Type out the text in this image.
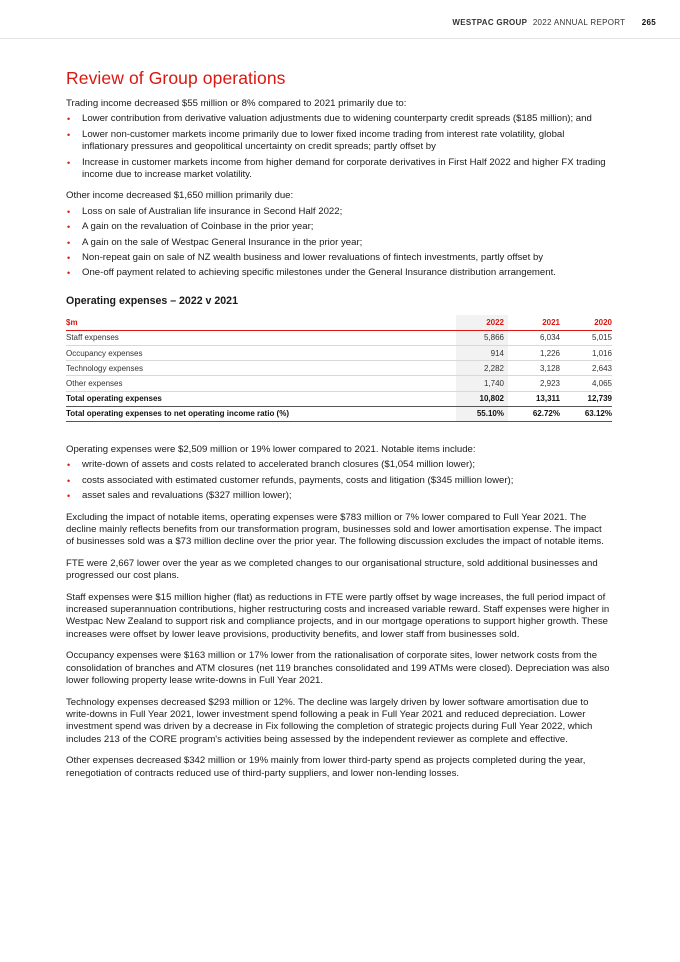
WESTPAC GROUP 2022 ANNUAL REPORT 265
Review of Group operations

Trading income decreased $55 million or 8% compared to 2021 primarily due to:

• Lower contribution from derivative valuation adjustments due to widening counterparty credit spreads ($185 million); and
• Lower non-customer markets income primarily due to lower fixed income trading from interest rate volatility, global inflationary pressures and geopolitical uncertainty on credit spreads; partly offset by
• Increase in customer markets income from higher demand for corporate derivatives in First Half 2022 and higher FX trading income due to increase market volatility.

Other income decreased $1,650 million primarily due:

• Loss on sale of Australian life insurance in Second Half 2022;
• A gain on the revaluation of Coinbase in the prior year;
• A gain on the sale of Westpac General Insurance in the prior year;
• Non-repeat gain on sale of NZ wealth business and lower revaluations of fintech investments, partly offset by
• One-off payment related to achieving specific milestones under the General Insurance distribution arrangement.
Operating expenses – 2022 v 2021
$m	2022	2021	2020
Staff expenses	5,866	6,034	5,015
Occupancy expenses	914	1,226	1,016
Technology expenses	2,282	3,128	2,643
Other expenses	1,740	2,923	4,065
Total operating expenses	10,802	13,311	12,739
Total operating expenses to net operating income ratio (%)	55.10%	62.72%	63.12%

Operating expenses were $2,509 million or 19% lower compared to 2021. Notable items include:

• write-down of assets and costs related to accelerated branch closures ($1,054 million lower);
• costs associated with estimated customer refunds, payments, costs and litigation ($345 million lower);
• asset sales and revaluations ($327 million lower);

Excluding the impact of notable items, operating expenses were $783 million or 7% lower compared to Full Year 2021. The decline mainly reflects benefits from our transformation program, businesses sold and lower amortisation expense. The impact of businesses sold was a $73 million decline over the prior year. The following discussion excludes the impact of notable items.

FTE were 2,667 lower over the year as we completed changes to our organisational structure, sold additional businesses and progressed our cost plans.

Staff expenses were $15 million higher (flat) as reductions in FTE were partly offset by wage increases, the full period impact of increased superannuation contributions, higher restructuring costs and increased variable reward. Staff expenses were higher in Westpac New Zealand to support risk and compliance projects, and in our mortgage operations to support higher growth. These increases were offset by lower leave provisions, productivity benefits, and lower staff from businesses sold.

Occupancy expenses were $163 million or 17% lower from the rationalisation of corporate sites, lower network costs from the consolidation of branches and ATM closures (net 119 branches consolidated and 199 ATMs were closed). Depreciation was also lower following property lease write-downs in Full Year 2021.

Technology expenses decreased $293 million or 12%. The decline was largely driven by lower software amortisation due to write-downs in Full Year 2021, lower investment spend following a peak in Full Year 2021 and reduced depreciation. Lower investment spend was driven by a decrease in Fix following the completion of strategic projects during Full Year 2022, which includes 213 of the CORE program's activities being assessed by the independent reviewer as complete and effective.

Other expenses decreased $342 million or 19% mainly from lower third-party spend as projects completed during the year, renegotiation of contracts reduced use of third-party suppliers, and lower non-lending losses.
